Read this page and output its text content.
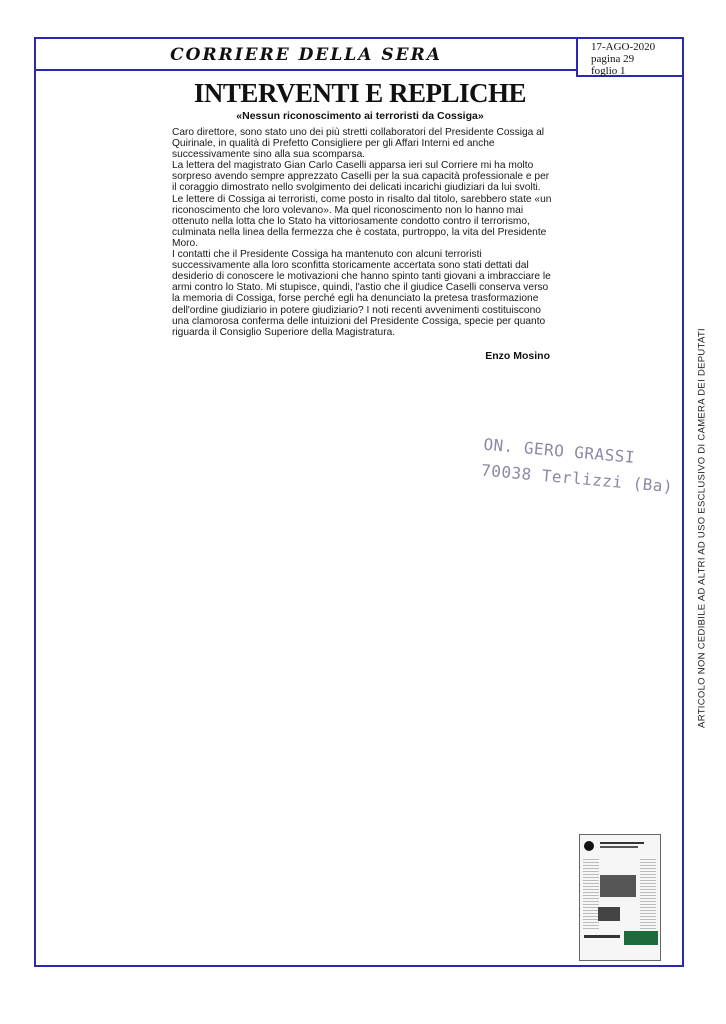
CORRIERE DELLA SERA	17-AGO-2020
pagina 29
foglio 1
INTERVENTI E REPLICHE
«Nessun riconoscimento ai terroristi da Cossiga»

Caro direttore, sono stato uno dei più stretti collaboratori del Presidente Cossiga al Quirinale, in qualità di Prefetto Consigliere per gli Affari Interni ed anche successivamente sino alla sua scomparsa.

La lettera del magistrato Gian Carlo Caselli apparsa ieri sul Corriere mi ha molto sorpreso avendo sempre apprezzato Caselli per la sua capacità professionale e per il coraggio dimostrato nello svolgimento dei delicati incarichi giudiziari da lui svolti. Le lettere di Cossiga ai terroristi, come posto in risalto dal titolo, sarebbero state «un riconoscimento che loro volevano». Ma quel riconoscimento non lo hanno mai ottenuto nella lotta che lo Stato ha vittoriosamente condotto contro il terrorismo, culminata nella linea della fermezza che è costata, purtroppo, la vita del Presidente Moro.

I contatti che il Presidente Cossiga ha mantenuto con alcuni terroristi successivamente alla loro sconfitta storicamente accertata sono stati dettati dal desiderio di conoscere le motivazioni che hanno spinto tanti giovani a imbracciare le armi contro lo Stato. Mi stupisce, quindi, l'astio che il giudice Caselli conserva verso la memoria di Cossiga, forse perché egli ha denunciato la pretesa trasformazione dell'ordine giudiziario in potere giudiziario? I noti recenti avvenimenti costituiscono una clamorosa conferma delle intuizioni del Presidente Cossiga, specie per quanto riguarda il Consiglio Superiore della Magistratura.

Enzo Mosino
ON. GERO GRASSI
70038 Terlizzi (Ba) ARTICOLO NON CEDIBILE AD ALTRI AD USO ESCLUSIVO DI CAMERA DEI DEPUTATI
